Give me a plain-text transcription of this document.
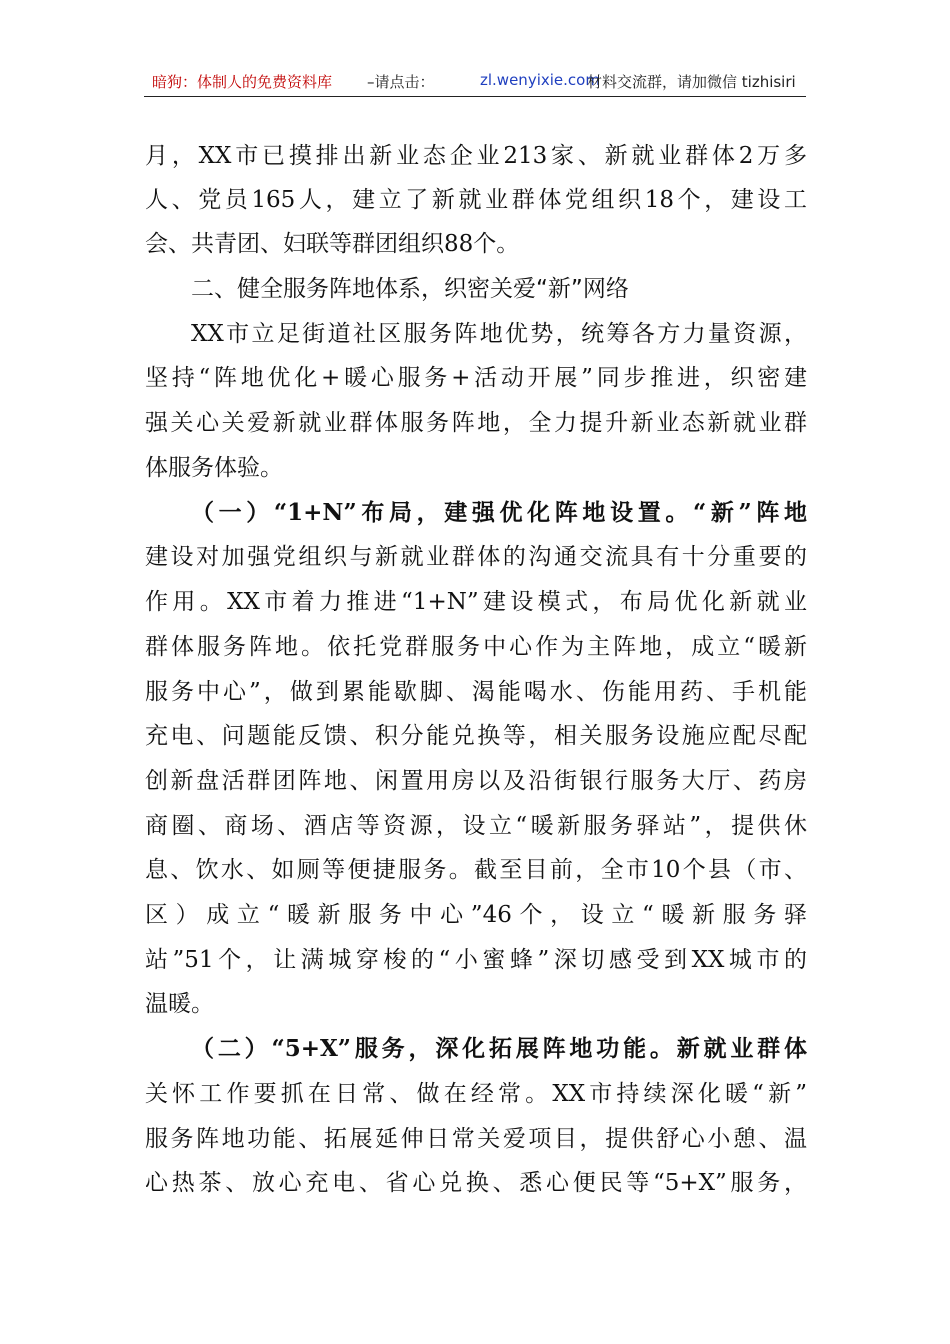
暗狗：体制人的免费资料库 –请点击：	zl.wenyixie.com
材料交流群，请加微信 tizhisiri
月，XX市已摸排出新业态企业213家、新就业群体2万多
人、党员165人，建立了新就业群体党组织18个，建设工
会、共青团、妇联等群团组织88个。
二、健全服务阵地体系，织密关爱“新”网络
XX市立足街道社区服务阵地优势，统筹各方力量资源，
坚持“阵地优化+暖心服务+活动开展”同步推进，织密建
强关心关爱新就业群体服务阵地，全力提升新业态新就业群
体服务体验。
（一）“1+N”布局，建强优化阵地设置。“新”阵地
建设对加强党组织与新就业群体的沟通交流具有十分重要的
作用。XX市着力推进“1+N”建设模式，布局优化新就业
群体服务阵地。依托党群服务中心作为主阵地，成立“暖新
服务中心”，做到累能歇脚、渴能喝水、伤能用药、手机能
充电、问题能反馈、积分能兑换等，相关服务设施应配尽配
创新盘活群团阵地、闲置用房以及沿街银行服务大厅、药房
商圈、商场、酒店等资源，设立“暖新服务驿站”，提供休
息、饮水、如厕等便捷服务。截至目前，全市10个县（市、
区）成立“暖新服务中心”46个，设立“暖新服务驿
站”51个，让满城穿梭的“小蜜蜂”深切感受到XX城市的
温暖。
（二）“5+X”服务，深化拓展阵地功能。新就业群体
关怀工作要抓在日常、做在经常。XX市持续深化暖“新”
服务阵地功能、拓展延伸日常关爱项目，提供舒心小憩、温
心热茶、放心充电、省心兑换、悉心便民等“5+X”服务，
